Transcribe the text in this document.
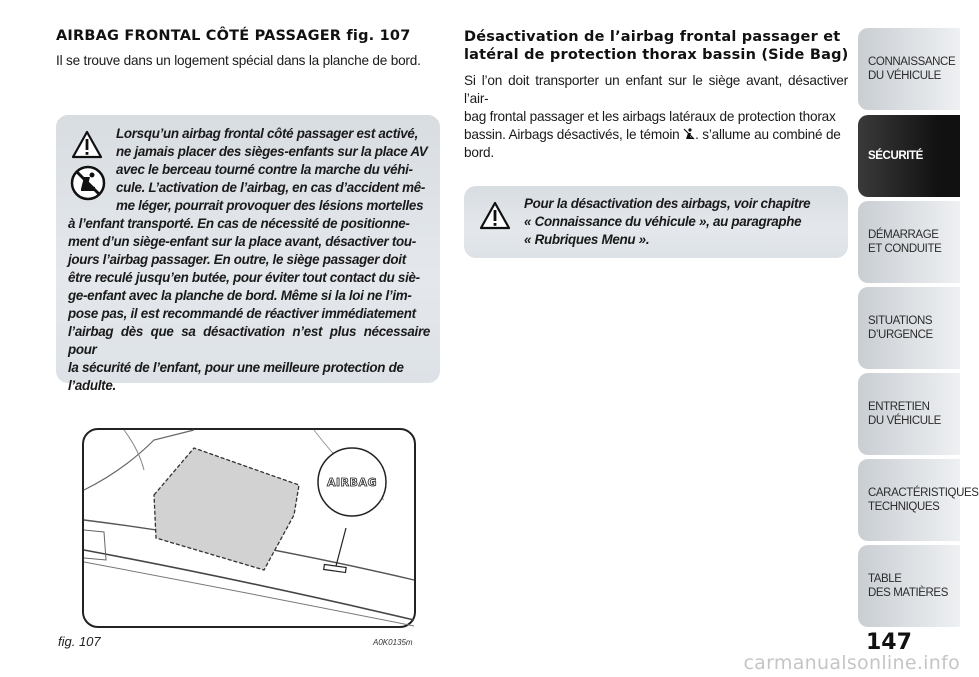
AIRBAG FRONTAL CÔTÉ PASSAGER fig. 107
Il se trouve dans un logement spécial dans la planche de bord.
Lorsqu’un airbag frontal côté passager est activé,
ne jamais placer des sièges-enfants sur la place AV
avec le berceau tourné contre la marche du véhi-
cule. L’activation de l’airbag, en cas d’accident mê-
me léger, pourrait provoquer des lésions mortelles
à l’enfant transporté. En cas de nécessité de positionne-
ment d’un siège-enfant sur la place avant, désactiver tou-
jours l’airbag passager. En outre, le siège passager doit
être reculé jusqu’en butée, pour éviter tout contact du siè-
ge-enfant avec la planche de bord. Même si la loi ne l’im-
pose pas, il est recommandé de réactiver immédiatement
l’airbag dès que sa désactivation n’est plus nécessaire pour
la sécurité de l’enfant, pour une meilleure protection de
l’adulte.
AIRBAG
fig. 107	A0K0135m
Désactivation de l’airbag frontal passager et
latéral de protection thorax bassin (Side Bag)
Si l’on doit transporter un enfant sur le siège avant, désactiver l’air-
bag frontal passager et les airbags latéraux de protection thorax
bassin. Airbags désactivés, le témoin . s’allume au combiné de
bord.
Pour la désactivation des airbags, voir chapitre
« Connaissance du véhicule », au paragraphe
« Rubriques Menu ».
CONNAISSANCE
DU VÉHICULE
SÉCURITÉ
DÉMARRAGE
ET CONDUITE
SITUATIONS
D’URGENCE
ENTRETIEN
DU VÉHICULE
CARACTÉRISTIQUES
TECHNIQUES
TABLE
DES MATIÈRES
147
carmanualsonline.info
